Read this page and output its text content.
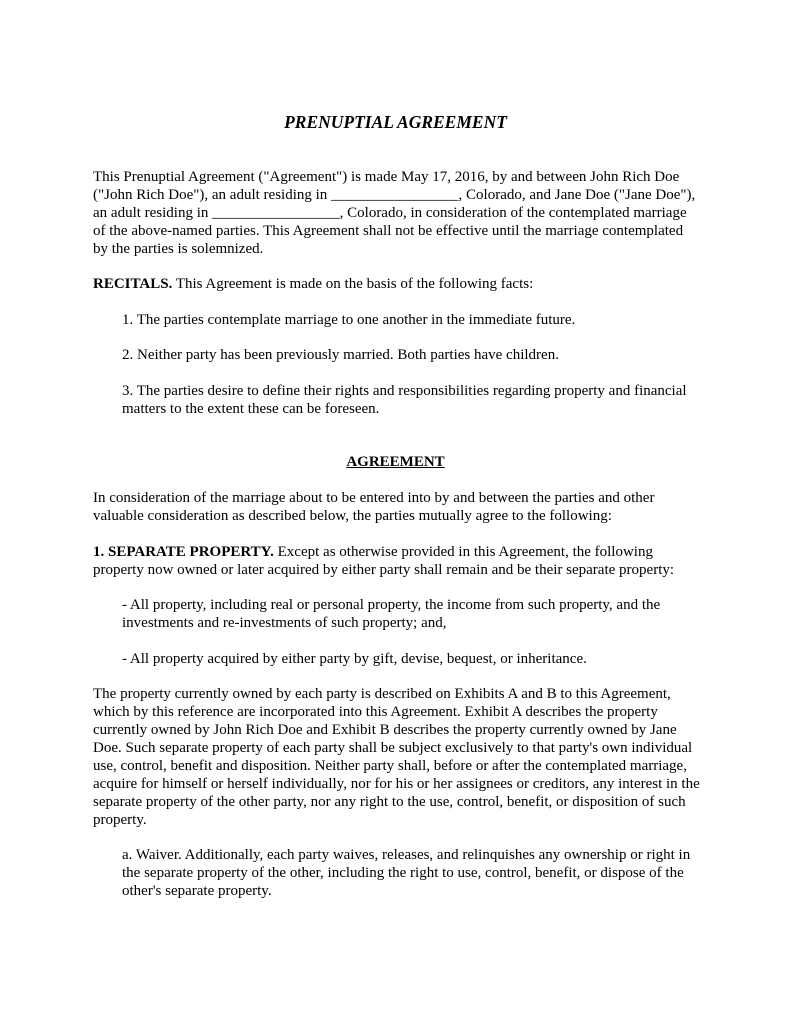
PRENUPTIAL AGREEMENT

This Prenuptial Agreement ("Agreement") is made May 17, 2016, by and between John Rich Doe ("John Rich Doe"), an adult residing in _________________, Colorado, and Jane Doe ("Jane Doe"), an adult residing in _________________, Colorado, in consideration of the contemplated marriage of the above-named parties. This Agreement shall not be effective until the marriage contemplated by the parties is solemnized.

RECITALS. This Agreement is made on the basis of the following facts:

1. The parties contemplate marriage to one another in the immediate future.

2. Neither party has been previously married. Both parties have children.

3. The parties desire to define their rights and responsibilities regarding property and financial matters to the extent these can be foreseen.

AGREEMENT

In consideration of the marriage about to be entered into by and between the parties and other valuable consideration as described below, the parties mutually agree to the following:

1. SEPARATE PROPERTY. Except as otherwise provided in this Agreement, the following property now owned or later acquired by either party shall remain and be their separate property:

- All property, including real or personal property, the income from such property, and the investments and re-investments of such property; and,

- All property acquired by either party by gift, devise, bequest, or inheritance.

The property currently owned by each party is described on Exhibits A and B to this Agreement, which by this reference are incorporated into this Agreement. Exhibit A describes the property currently owned by John Rich Doe and Exhibit B describes the property currently owned by Jane Doe. Such separate property of each party shall be subject exclusively to that party's own individual use, control, benefit and disposition. Neither party shall, before or after the contemplated marriage, acquire for himself or herself individually, nor for his or her assignees or creditors, any interest in the separate property of the other party, nor any right to the use, control, benefit, or disposition of such property.

a. Waiver. Additionally, each party waives, releases, and relinquishes any ownership or right in the separate property of the other, including the right to use, control, benefit, or dispose of the other's separate property.
